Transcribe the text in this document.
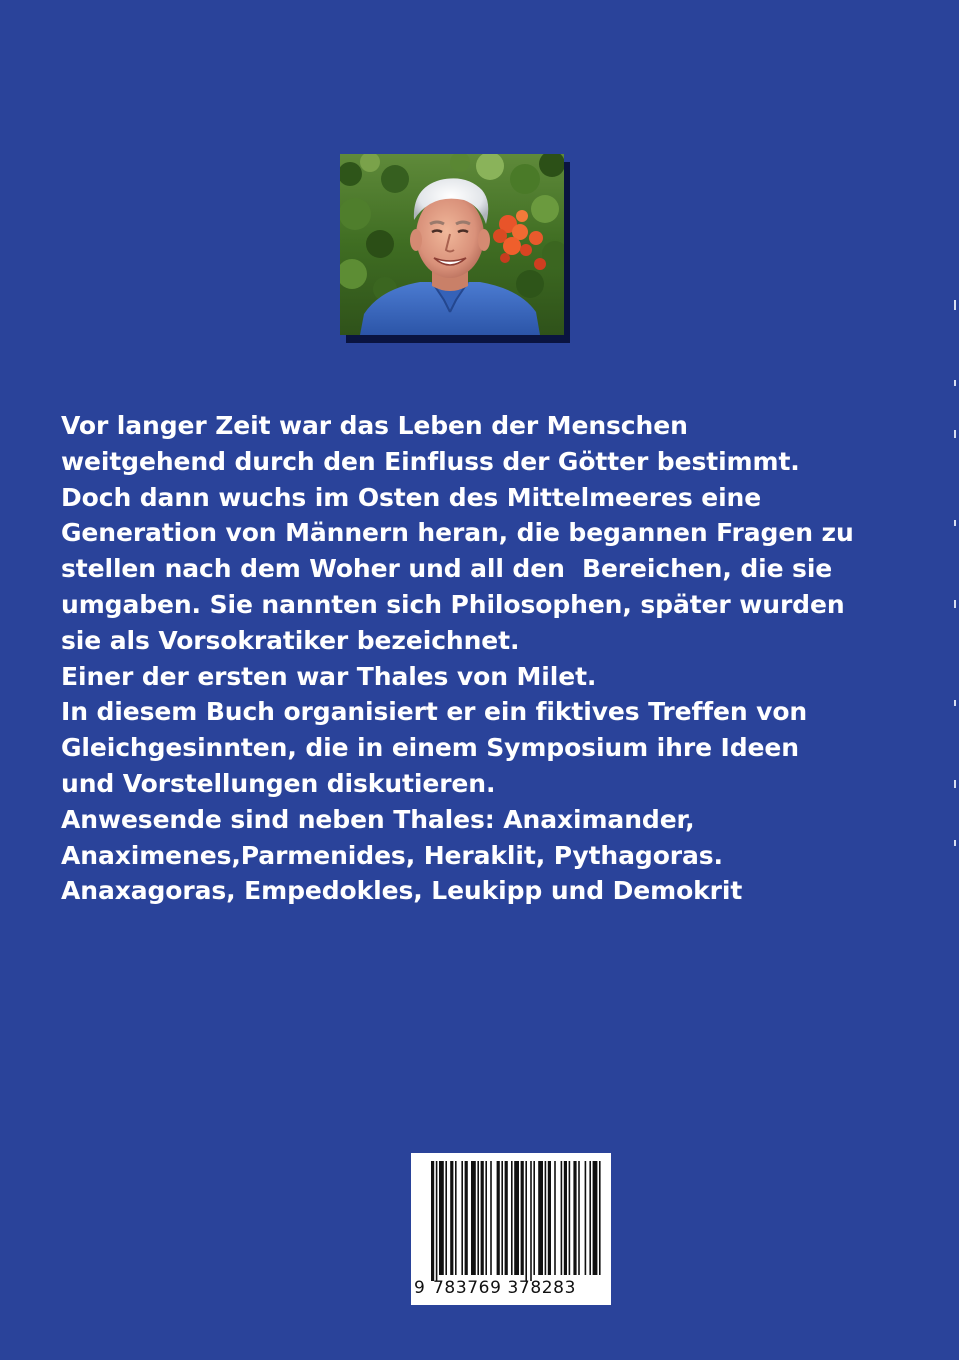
Vor langer Zeit war das Leben der Menschen
weitgehend durch den Einfluss der Götter bestimmt.
Doch dann wuchs im Osten des Mittelmeeres eine
Generation von Männern heran, die begannen Fragen zu
stellen nach dem Woher und all den  Bereichen, die sie
umgaben. Sie nannten sich Philosophen, später wurden
sie als Vorsokratiker bezeichnet.
Einer der ersten war Thales von Milet.
In diesem Buch organisiert er ein fiktives Treffen von
Gleichgesinnten, die in einem Symposium ihre Ideen
und Vorstellungen diskutieren.
Anwesende sind neben Thales: Anaximander,
Anaximenes,Parmenides, Heraklit, Pythagoras.
Anaxagoras, Empedokles, Leukipp und Demokrit
9 783769 378283
